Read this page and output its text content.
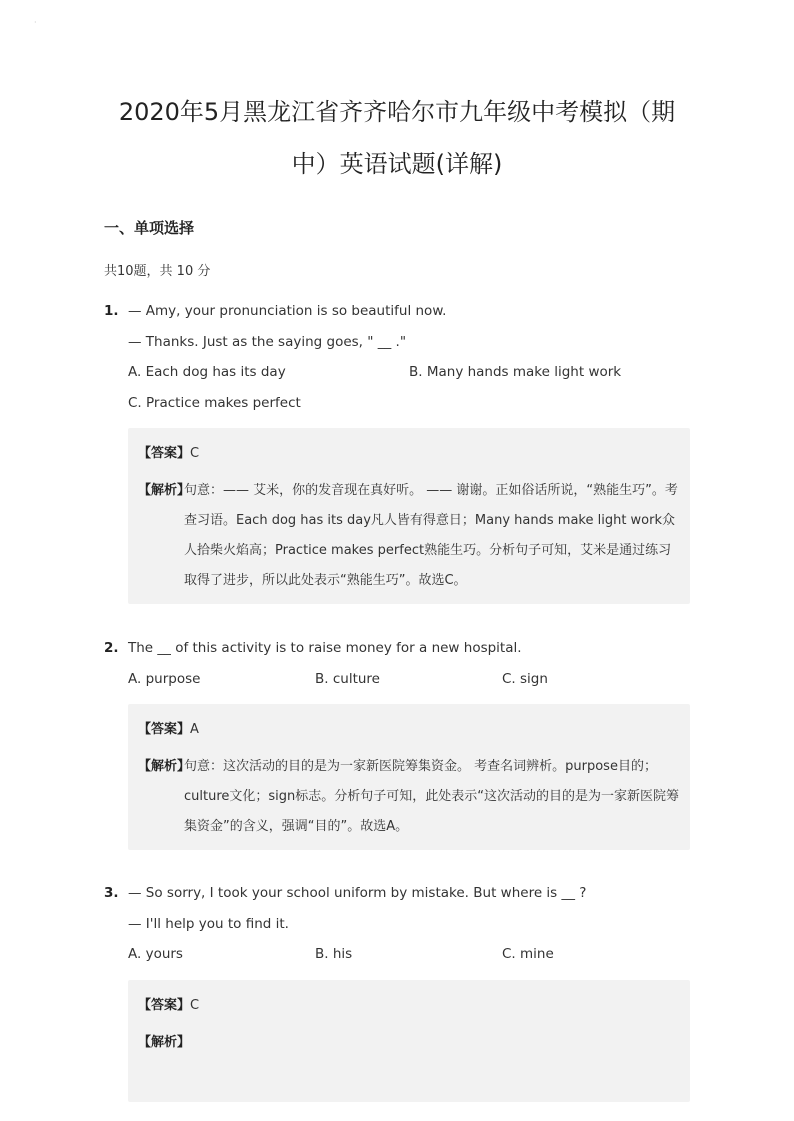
·
2020年5月黑龙江省齐齐哈尔市九年级中考模拟（期
中）英语试题(详解)
一、单项选择
共10题，共 10 分
1. — Amy, your pronunciation is so beautiful now.
— Thanks. Just as the saying goes, " __ ."
A. Each dog has its day	B. Many hands make light work
C. Practice makes perfect
【答案】C
【解析】
句意：—— 艾米，你的发音现在真好听。 —— 谢谢。正如俗话所说，“熟能生巧”。考查习语。Each dog has its day凡人皆有得意日；Many hands make light work众人拾柴火焰高；Practice makes perfect熟能生巧。分析句子可知，艾米是通过练习取得了进步，所以此处表示“熟能生巧”。故选C。
2. The __ of this activity is to raise money for a new hospital.
A. purpose	B. culture	C. sign
【答案】A
【解析】
句意：这次活动的目的是为一家新医院筹集资金。 考查名词辨析。purpose目的；culture文化；sign标志。分析句子可知，此处表示“这次活动的目的是为一家新医院筹集资金”的含义，强调“目的”。故选A。
3. — So sorry, I took your school uniform by mistake. But where is __ ?
— I'll help you to find it.
A. yours	B. his	C. mine
【答案】C
【解析】
